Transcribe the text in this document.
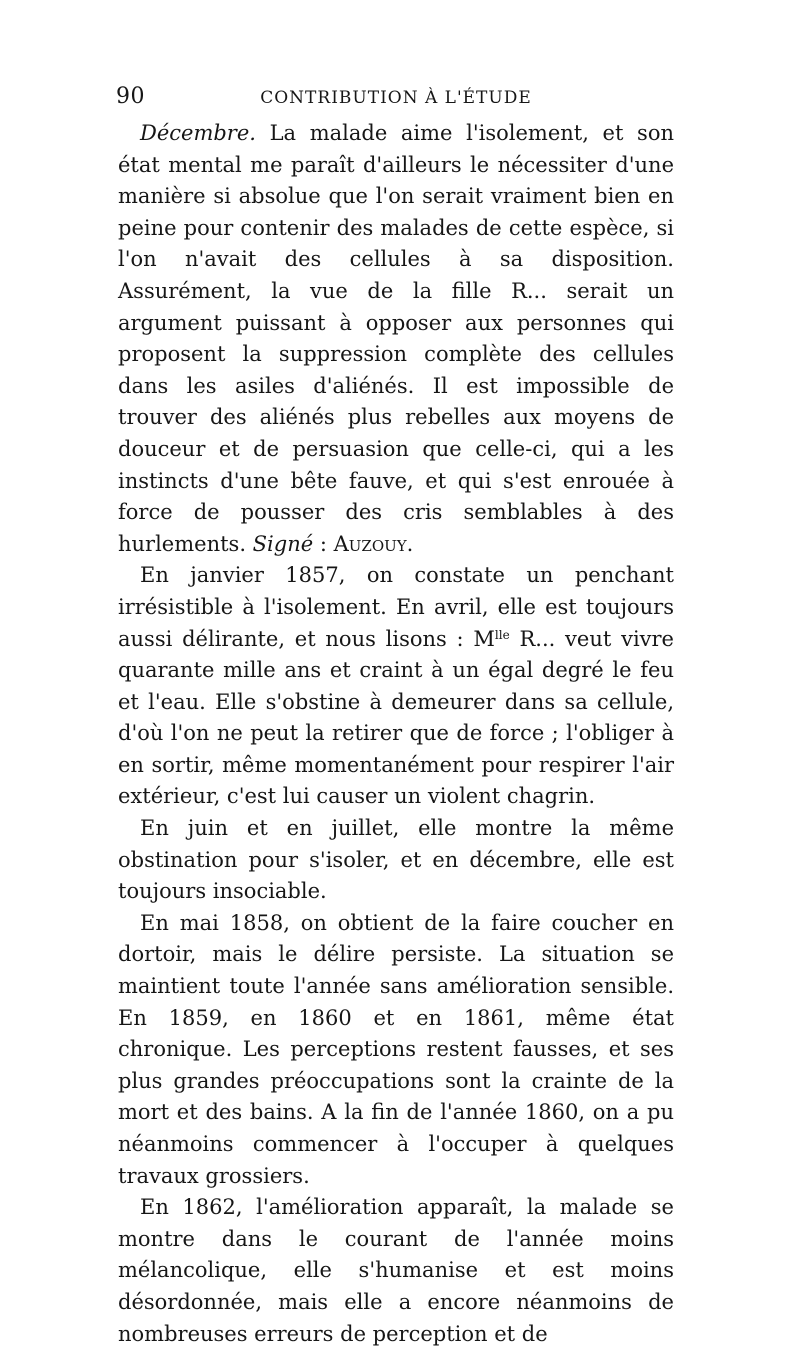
90	CONTRIBUTION À L'ÉTUDE

Décembre. La malade aime l'isolement, et son état mental me paraît d'ailleurs le nécessiter d'une manière si absolue que l'on serait vraiment bien en peine pour contenir des malades de cette espèce, si l'on n'avait des cellules à sa disposition. Assurément, la vue de la fille R... serait un argument puissant à opposer aux personnes qui proposent la suppression complète des cellules dans les asiles d'aliénés. Il est impossible de trouver des aliénés plus rebelles aux moyens de douceur et de persuasion que celle-ci, qui a les instincts d'une bête fauve, et qui s'est enrouée à force de pousser des cris semblables à des hurlements. Signé : Auzouy.

En janvier 1857, on constate un penchant irrésistible à l'isolement. En avril, elle est toujours aussi délirante, et nous lisons : $M^{lle}$ R... veut vivre quarante mille ans et craint à un égal degré le feu et l'eau. Elle s'obstine à demeurer dans sa cellule, d'où l'on ne peut la retirer que de force ; l'obliger à en sortir, même momentanément pour respirer l'air extérieur, c'est lui causer un violent chagrin.

En juin et en juillet, elle montre la même obstination pour s'isoler, et en décembre, elle est toujours insociable.

En mai 1858, on obtient de la faire coucher en dortoir, mais le délire persiste. La situation se maintient toute l'année sans amélioration sensible. En 1859, en 1860 et en 1861, même état chronique. Les perceptions restent fausses, et ses plus grandes préoccupations sont la crainte de la mort et des bains. A la fin de l'année 1860, on a pu néanmoins commencer à l'occuper à quelques travaux grossiers.

En 1862, l'amélioration apparaît, la malade se montre dans le courant de l'année moins mélancolique, elle s'humanise et est moins désordonnée, mais elle a encore néanmoins de nombreuses erreurs de perception et de
